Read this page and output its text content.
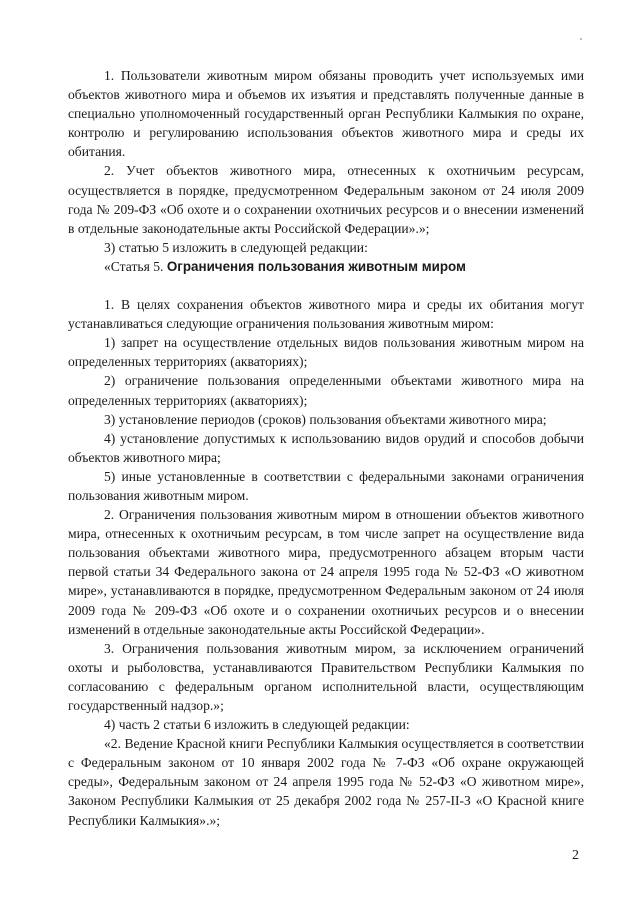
1. Пользователи животным миром обязаны проводить учет используемых ими объектов животного мира и объемов их изъятия и представлять полученные данные в специально уполномоченный государственный орган Республики Калмыкия по охране, контролю и регулированию использования объектов животного мира и среды их обитания.

2. Учет объектов животного мира, отнесенных к охотничьим ресурсам, осуществляется в порядке, предусмотренном Федеральным законом от 24 июля 2009 года № 209-ФЗ «Об охоте и о сохранении охотничьих ресурсов и о внесении изменений в отдельные законодательные акты Российской Федерации».»;

3) статью 5 изложить в следующей редакции:

«Статья 5. Ограничения пользования животным миром

1. В целях сохранения объектов животного мира и среды их обитания могут устанавливаться следующие ограничения пользования животным миром:

1) запрет на осуществление отдельных видов пользования животным миром на определенных территориях (акваториях);

2) ограничение пользования определенными объектами животного мира на определенных территориях (акваториях);

3) установление периодов (сроков) пользования объектами животного мира;

4) установление допустимых к использованию видов орудий и способов добычи объектов животного мира;

5) иные установленные в соответствии с федеральными законами ограничения пользования животным миром.

2. Ограничения пользования животным миром в отношении объектов животного мира, отнесенных к охотничьим ресурсам, в том числе запрет на осуществление вида пользования объектами животного мира, предусмотренного абзацем вторым части первой статьи 34 Федерального закона от 24 апреля 1995 года № 52-ФЗ «О животном мире», устанавливаются в порядке, предусмотренном Федеральным законом от 24 июля 2009 года № 209-ФЗ «Об охоте и о сохранении охотничьих ресурсов и о внесении изменений в отдельные законодательные акты Российской Федерации».

3. Ограничения пользования животным миром, за исключением ограничений охоты и рыболовства, устанавливаются Правительством Республики Калмыкия по согласованию с федеральным органом исполнительной власти, осуществляющим государственный надзор.»;

4) часть 2 статьи 6 изложить в следующей редакции:

«2. Ведение Красной книги Республики Калмыкия осуществляется в соответствии с Федеральным законом от 10 января 2002 года № 7-ФЗ «Об охране окружающей среды», Федеральным законом от 24 апреля 1995 года № 52-ФЗ «О животном мире», Законом Республики Калмыкия от 25 декабря 2002 года № 257-II-З «О Красной книге Республики Калмыкия».»;

2
